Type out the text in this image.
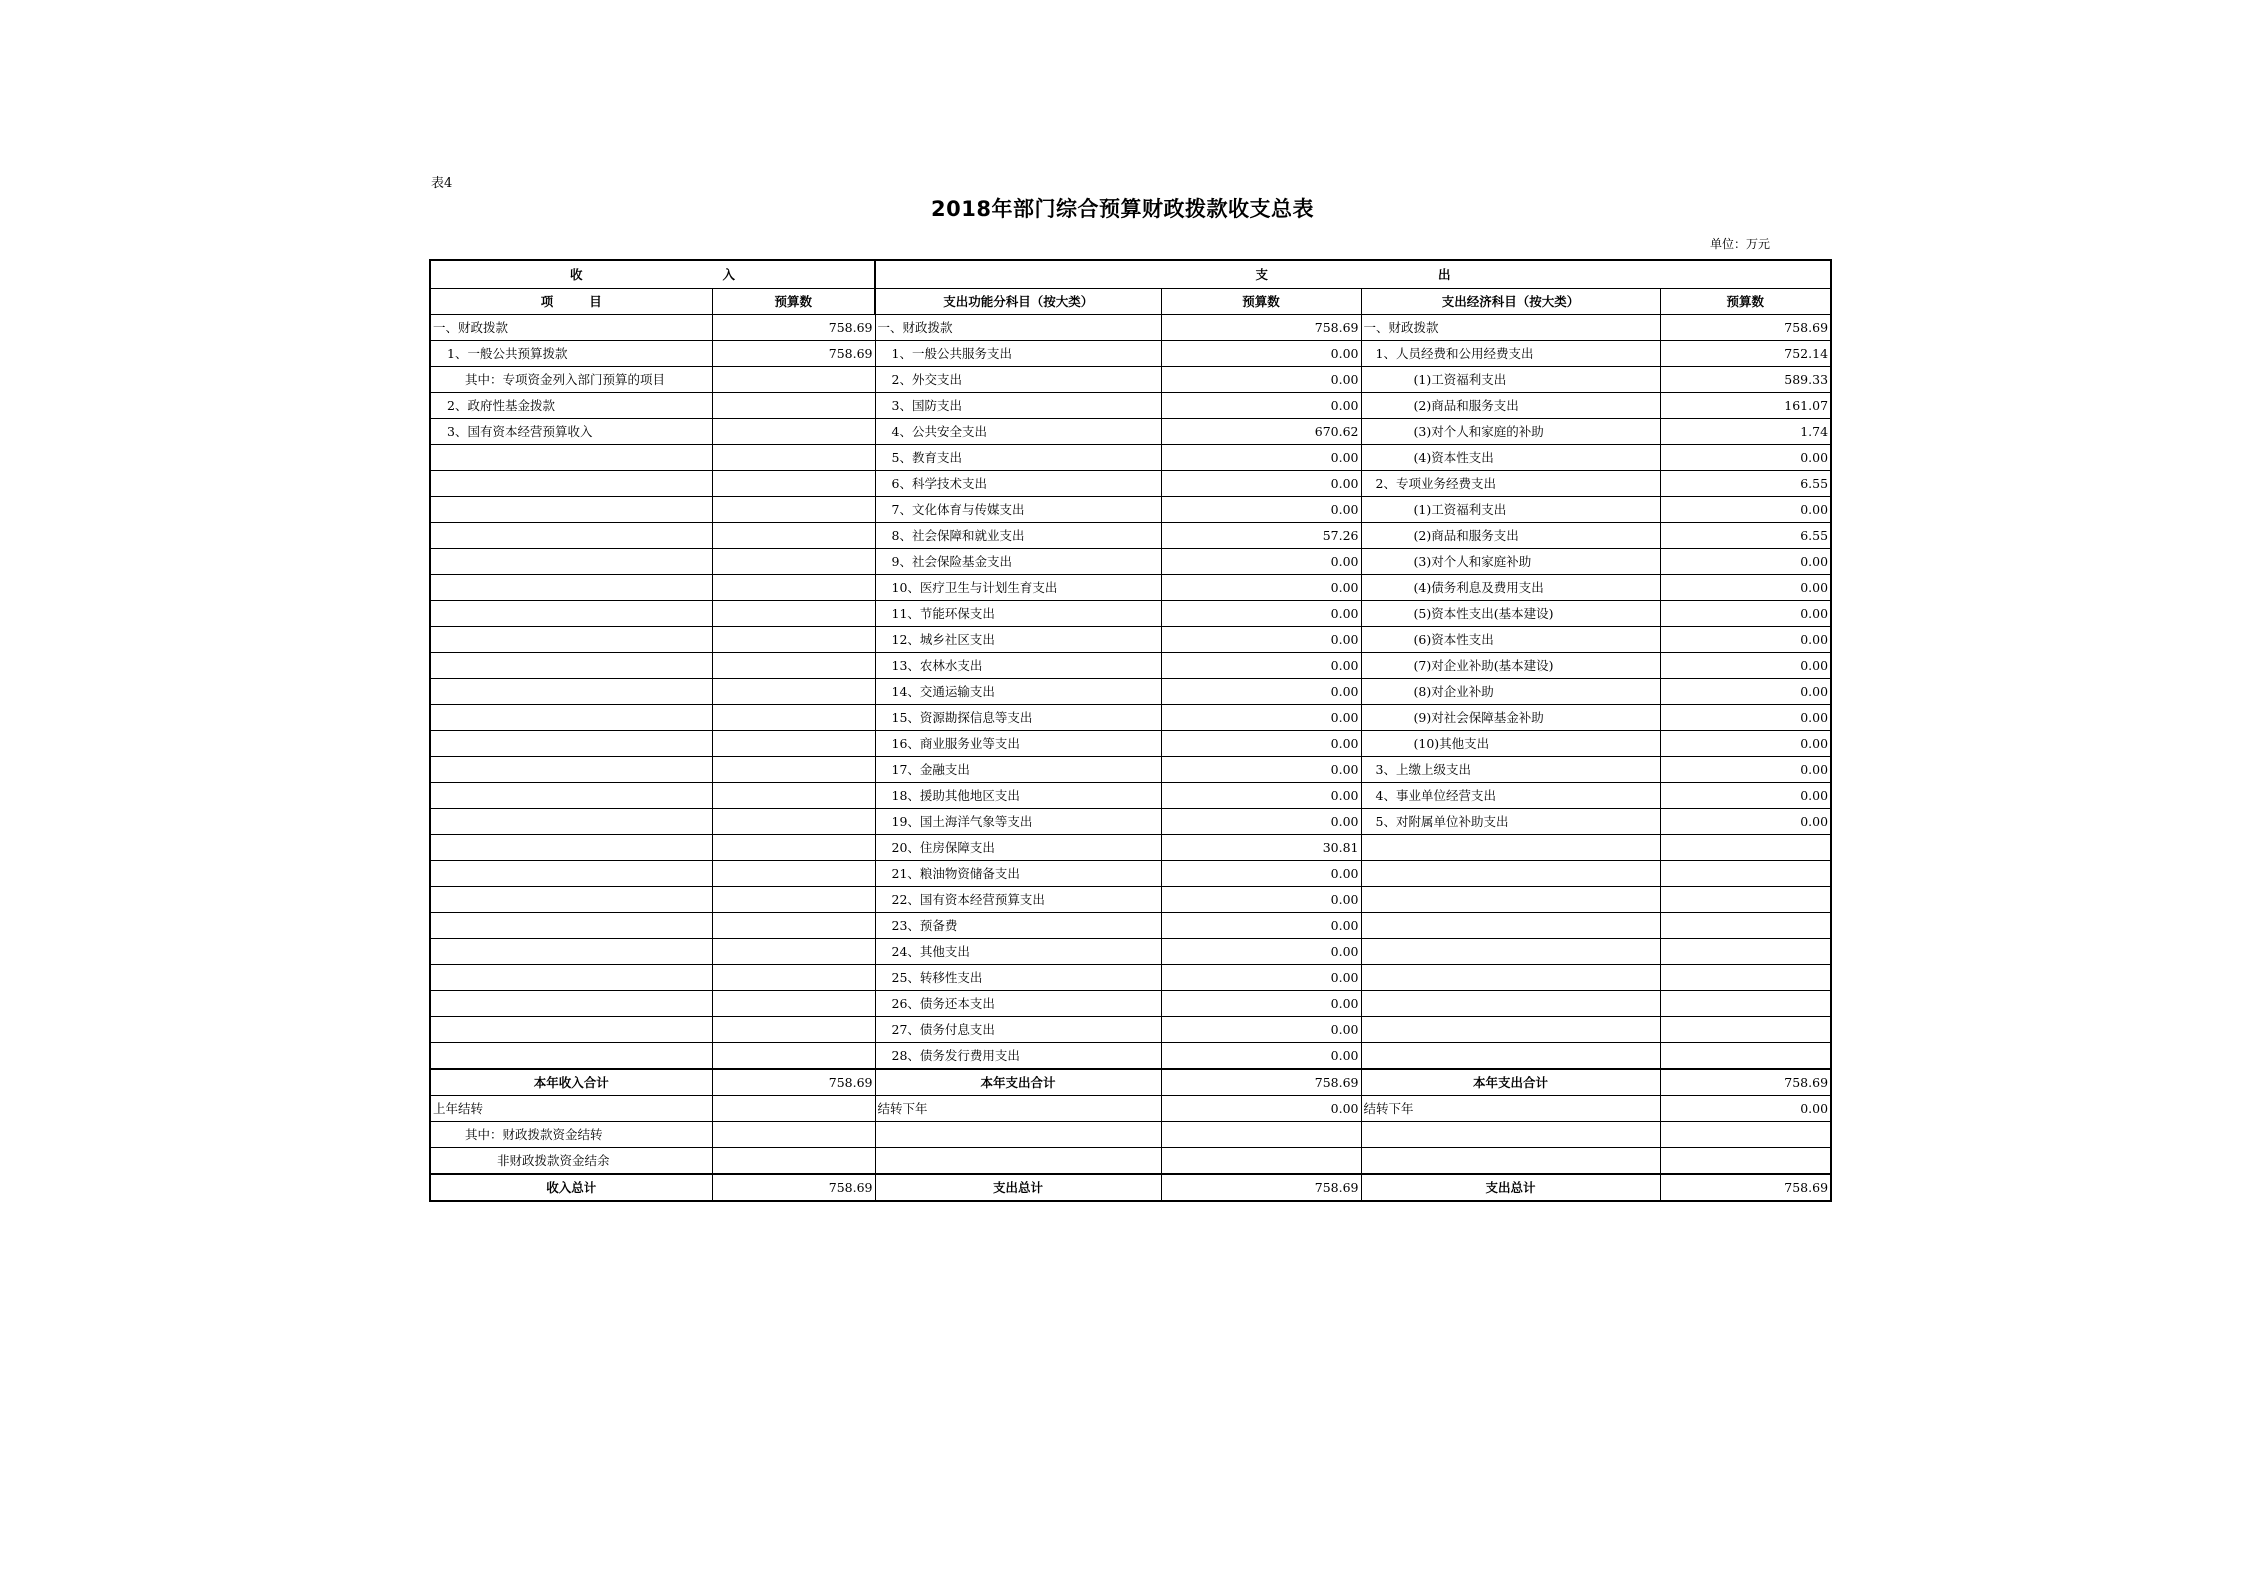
表4
2018年部门综合预算财政拨款收支总表
单位：万元
收 入		支 出			
项 目	预算数	支出功能分科目（按大类）	预算数	支出经济科目（按大类）	预算数
一、财政拨款	758.69	一、财政拨款	758.69	一、财政拨款	758.69
1、一般公共预算拨款	758.69	1、一般公共服务支出	0.00	1、人员经费和公用经费支出	752.14
其中：专项资金列入部门预算的项目		2、外交支出	0.00	(1)工资福利支出	589.33
2、政府性基金拨款		3、国防支出	0.00	(2)商品和服务支出	161.07
3、国有资本经营预算收入		4、公共安全支出	670.62	(3)对个人和家庭的补助	1.74
		5、教育支出	0.00	(4)资本性支出	0.00
		6、科学技术支出	0.00	2、专项业务经费支出	6.55
		7、文化体育与传媒支出	0.00	(1)工资福利支出	0.00
		8、社会保障和就业支出	57.26	(2)商品和服务支出	6.55
		9、社会保险基金支出	0.00	(3)对个人和家庭补助	0.00
		10、医疗卫生与计划生育支出	0.00	(4)债务利息及费用支出	0.00
		11、节能环保支出	0.00	(5)资本性支出(基本建设)	0.00
		12、城乡社区支出	0.00	(6)资本性支出	0.00
		13、农林水支出	0.00	(7)对企业补助(基本建设)	0.00
		14、交通运输支出	0.00	(8)对企业补助	0.00
		15、资源勘探信息等支出	0.00	(9)对社会保障基金补助	0.00
		16、商业服务业等支出	0.00	(10)其他支出	0.00
		17、金融支出	0.00	3、上缴上级支出	0.00
		18、援助其他地区支出	0.00	4、事业单位经营支出	0.00
		19、国土海洋气象等支出	0.00	5、对附属单位补助支出	0.00
		20、住房保障支出	30.81		
		21、粮油物资储备支出	0.00		
		22、国有资本经营预算支出	0.00		
		23、预备费	0.00		
		24、其他支出	0.00		
		25、转移性支出	0.00		
		26、债务还本支出	0.00		
		27、债务付息支出	0.00		
		28、债务发行费用支出	0.00		
本年收入合计	758.69	本年支出合计	758.69	本年支出合计	758.69
上年结转		结转下年	0.00	结转下年	0.00
其中：财政拨款资金结转					
非财政拨款资金结余					
收入总计	758.69	支出总计	758.69	支出总计	758.69
